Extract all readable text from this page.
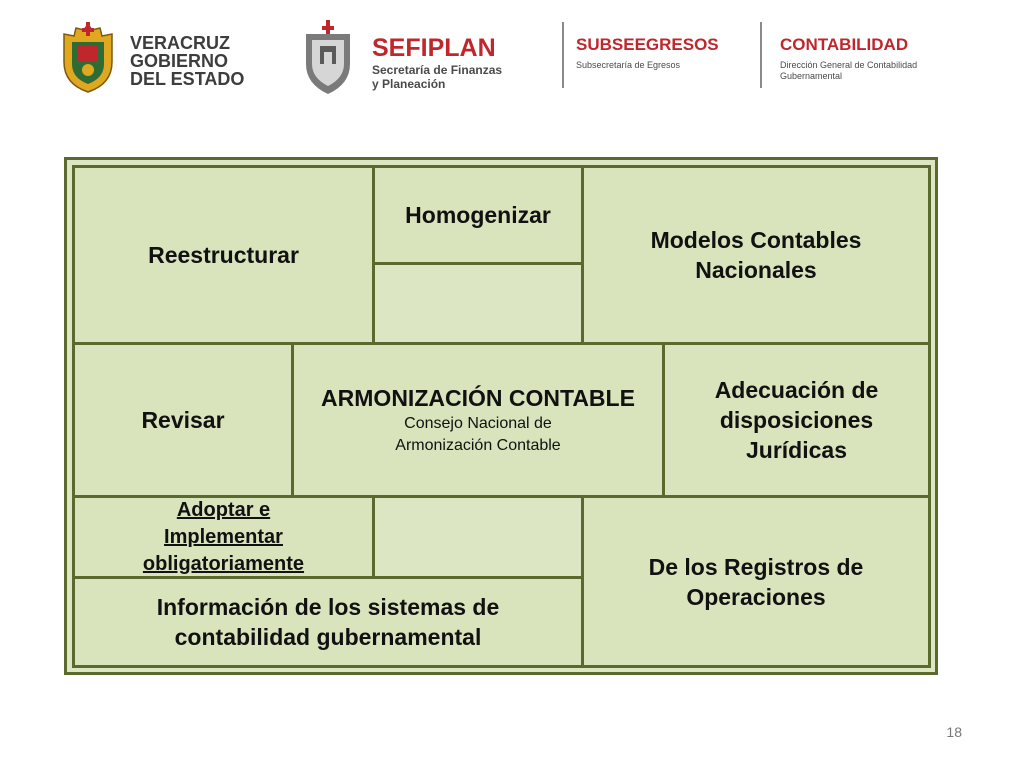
VERACRUZ
GOBIERNO
DEL ESTADO
SEFIPLAN
Secretaría de Finanzas
y Planeación
SUBSEEGRESOS
Subsecretaría de Egresos
CONTABILIDAD
Dirección General de Contabilidad
Gubernamental
Reestructurar
Homogenizar
Modelos Contables
Nacionales
Revisar
ARMONIZACIÓN CONTABLE
Consejo Nacional de
Armonización Contable
Adecuación de
disposiciones
Jurídicas
Adoptar e
Implementar
obligatoriamente
Información de los sistemas de
contabilidad gubernamental
De los Registros de
Operaciones
18
